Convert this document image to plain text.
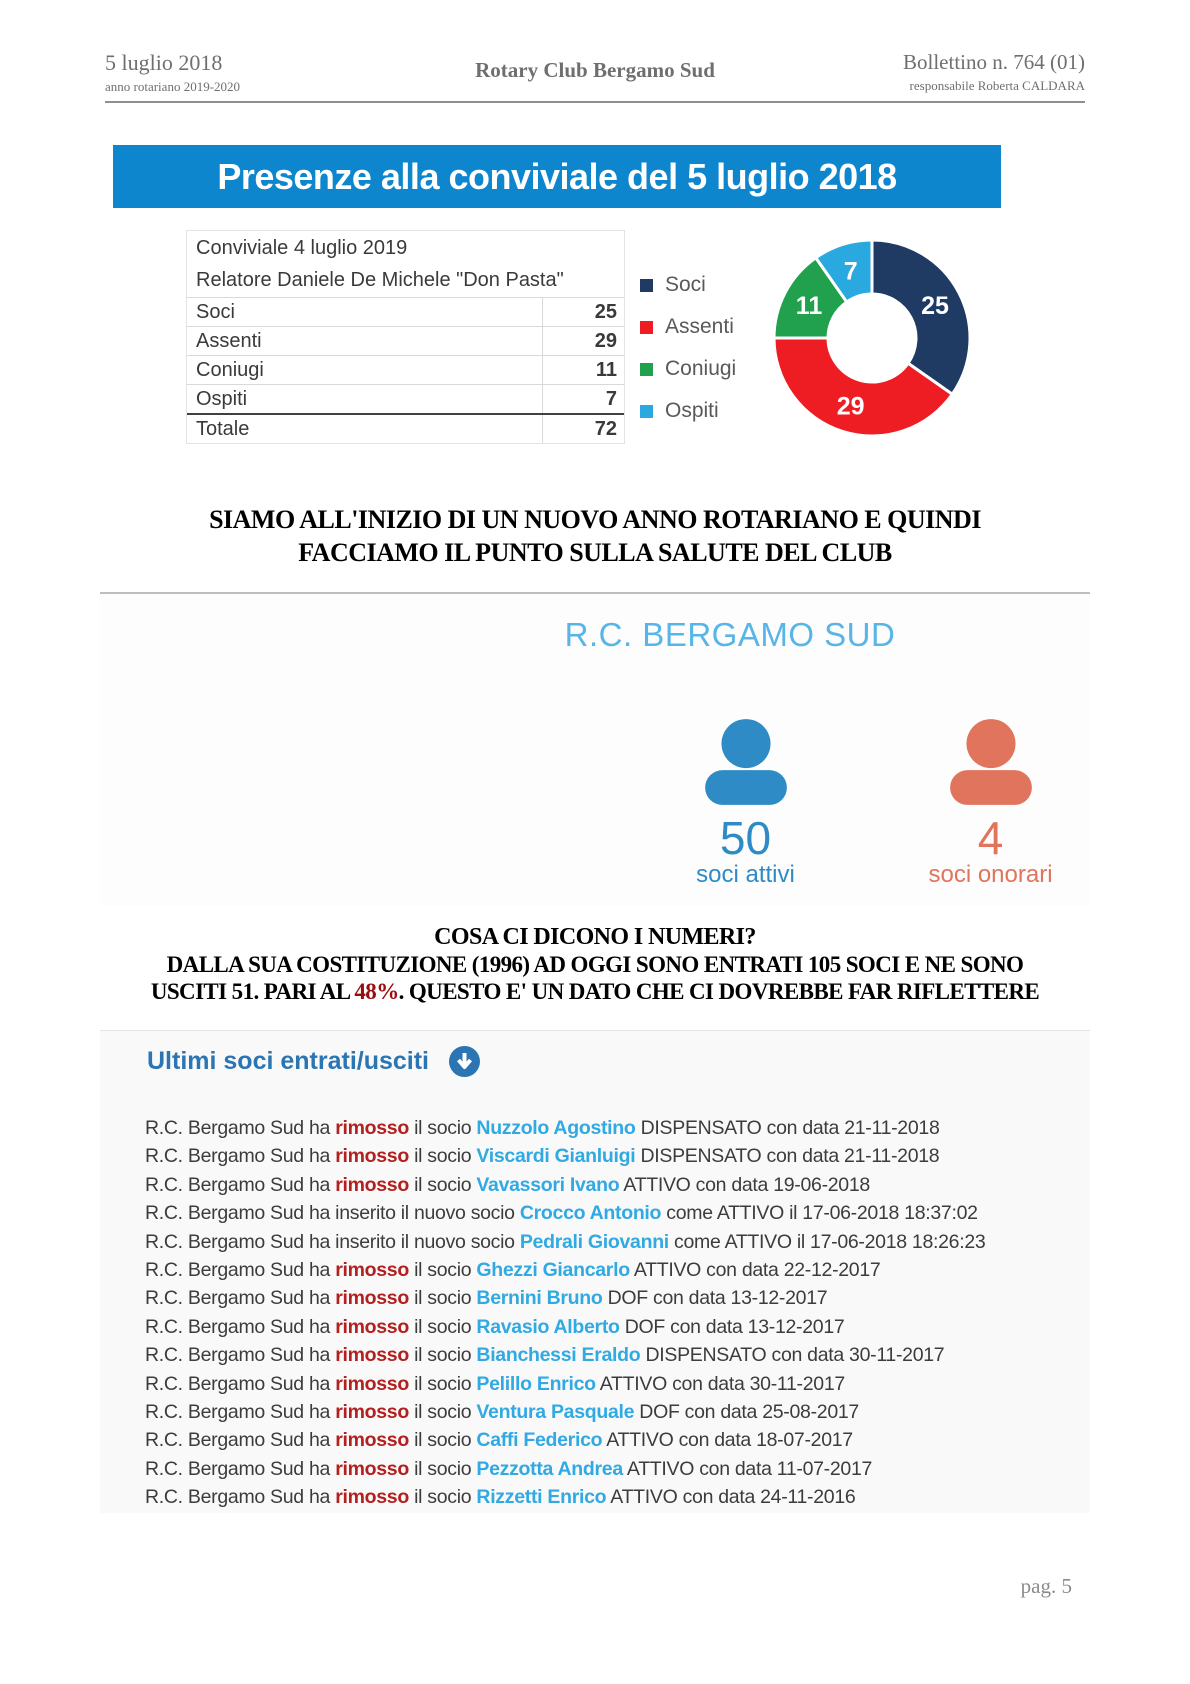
5 luglio 2018
anno rotariano 2019-2020
Rotary Club Bergamo Sud	Bollettino n. 764 (01)
responsabile Roberta CALDARA
Presenze alla conviviale del 5 luglio 2018
Conviviale 4 luglio 2019
Relatore Daniele De Michele "Don Pasta"
Soci	25
Assenti	29
Coniugi	11
Ospiti	7
Totale	72
Soci
Assenti
Coniugi
Ospiti
25
29
11
7
SIAMO ALL'INIZIO DI UN NUOVO ANNO ROTARIANO E QUINDI
FACCIAMO IL PUNTO SULLA SALUTE DEL CLUB
R.C. BERGAMO SUD
50
soci attivi
4
soci onorari
COSA CI DICONO I NUMERI?
DALLA SUA COSTITUZIONE (1996) AD OGGI SONO ENTRATI 105 SOCI E NE SONO
USCITI 51. PARI AL 48%. QUESTO E' UN DATO CHE CI DOVREBBE FAR RIFLETTERE
Ultimi soci entrati/usciti
R.C. Bergamo Sud ha rimosso il socio Nuzzolo Agostino DISPENSATO con data 21-11-2018
R.C. Bergamo Sud ha rimosso il socio Viscardi Gianluigi DISPENSATO con data 21-11-2018
R.C. Bergamo Sud ha rimosso il socio Vavassori Ivano ATTIVO con data 19-06-2018
R.C. Bergamo Sud ha inserito il nuovo socio Crocco Antonio come ATTIVO il 17-06-2018 18:37:02
R.C. Bergamo Sud ha inserito il nuovo socio Pedrali Giovanni come ATTIVO il 17-06-2018 18:26:23
R.C. Bergamo Sud ha rimosso il socio Ghezzi Giancarlo ATTIVO con data 22-12-2017
R.C. Bergamo Sud ha rimosso il socio Bernini Bruno DOF con data 13-12-2017
R.C. Bergamo Sud ha rimosso il socio Ravasio Alberto DOF con data 13-12-2017
R.C. Bergamo Sud ha rimosso il socio Bianchessi Eraldo DISPENSATO con data 30-11-2017
R.C. Bergamo Sud ha rimosso il socio Pelillo Enrico ATTIVO con data 30-11-2017
R.C. Bergamo Sud ha rimosso il socio Ventura Pasquale DOF con data 25-08-2017
R.C. Bergamo Sud ha rimosso il socio Caffi Federico ATTIVO con data 18-07-2017
R.C. Bergamo Sud ha rimosso il socio Pezzotta Andrea ATTIVO con data 11-07-2017
R.C. Bergamo Sud ha rimosso il socio Rizzetti Enrico ATTIVO con data 24-11-2016
pag. 5
